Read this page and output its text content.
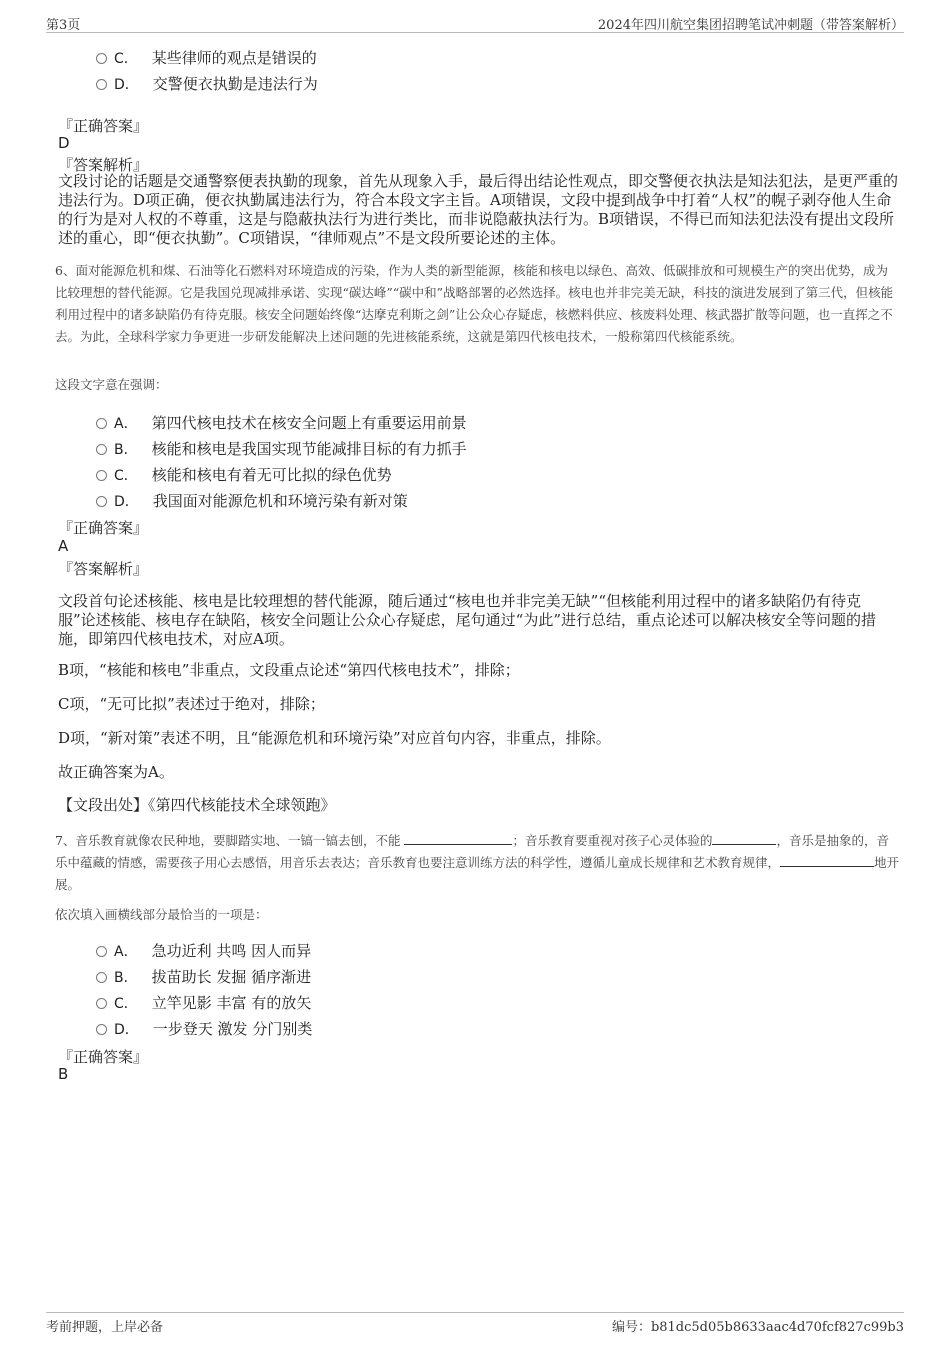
第3页	2024年四川航空集团招聘笔试冲刺题（带答案解析）
C． 某些律师的观点是错误的
D． 交警便衣执勤是违法行为
『正确答案』
D
『答案解析』
文段讨论的话题是交通警察便表执勤的现象，首先从现象入手，最后得出结论性观点，即交警便衣执法是知法犯法，是更严重的违法行为。D项正确，便衣执勤属违法行为，符合本段文字主旨。A项错误，文段中提到战争中打着“人权”的幌子剥夺他人生命的行为是对人权的不尊重，这是与隐蔽执法行为进行类比，而非说隐蔽执法行为。B项错误，不得已而知法犯法没有提出文段所述的重心，即“便衣执勤”。C项错误，“律师观点”不是文段所要论述的主体。
6、面对能源危机和煤、石油等化石燃料对环境造成的污染，作为人类的新型能源，核能和核电以绿色、高效、低碳排放和可规模生产的突出优势，成为比较理想的替代能源。它是我国兑现减排承诺、实现“碳达峰”“碳中和”战略部署的必然选择。核电也并非完美无缺，科技的演进发展到了第三代，但核能利用过程中的诸多缺陷仍有待克服。核安全问题始终像“达摩克利斯之剑”让公众心存疑虑，核燃料供应、核废料处理、核武器扩散等问题，也一直挥之不去。为此，全球科学家力争更进一步研发能解决上述问题的先进核能系统，这就是第四代核电技术，一般称第四代核能系统。
这段文字意在强调：
A． 第四代核电技术在核安全问题上有重要运用前景
B． 核能和核电是我国实现节能减排目标的有力抓手
C． 核能和核电有着无可比拟的绿色优势
D． 我国面对能源危机和环境污染有新对策
『正确答案』
A
『答案解析』
文段首句论述核能、核电是比较理想的替代能源，随后通过“核电也并非完美无缺”“但核能利用过程中的诸多缺陷仍有待克服”论述核能、核电存在缺陷，核安全问题让公众心存疑虑，尾句通过“为此”进行总结，重点论述可以解决核安全等问题的措施，即第四代核电技术，对应A项。
B项，“核能和核电”非重点，文段重点论述“第四代核电技术”，排除；
C项，“无可比拟”表述过于绝对，排除；
D项，“新对策”表述不明，且“能源危机和环境污染”对应首句内容，非重点，排除。
故正确答案为A。
【文段出处】《第四代核能技术全球领跑》
7、音乐教育就像农民种地，要脚踏实地、一镐一镐去刨，不能	；音乐教育要重视对孩子心灵体验的	，音乐是抽象的，音乐中蕴藏的情感，需要孩子用心去感悟，用音乐去表达；音乐教育也要注意训练方法的科学性，遵循儿童成长规律和艺术教育规律，	地开展。
依次填入画横线部分最恰当的一项是：
A． 急功近利 共鸣 因人而异
B． 拔苗助长 发掘 循序渐进
C． 立竿见影 丰富 有的放矢
D． 一步登天 激发 分门别类
『正确答案』
B
考前押题，上岸必备	编号：b81dc5d05b8633aac4d70fcf827c99b3
